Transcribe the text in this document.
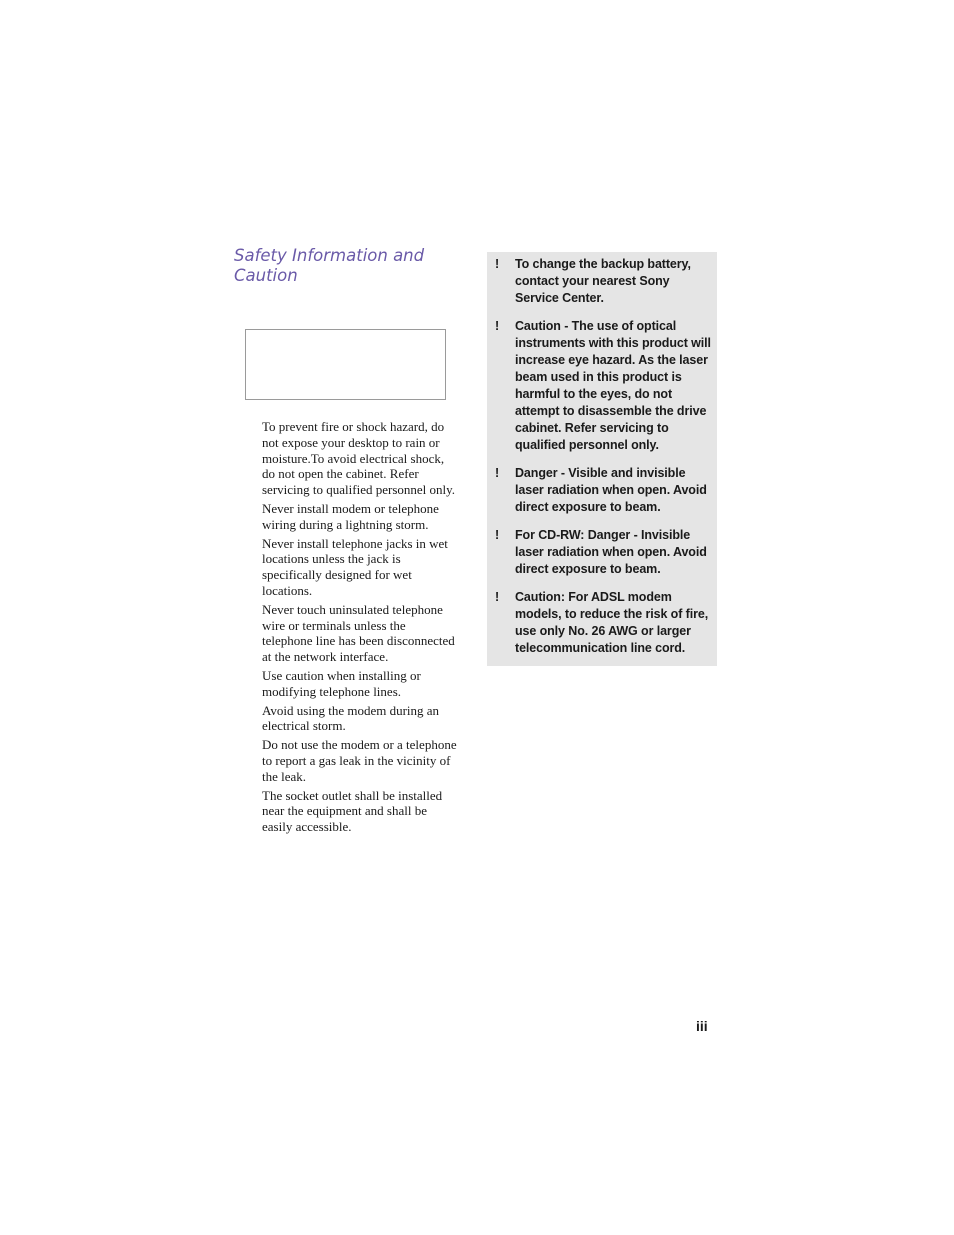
Safety Information and Caution

To prevent fire or shock hazard, do not expose your desktop to rain or moisture.To avoid electrical shock, do not open the cabinet. Refer servicing to qualified personnel only.

Never install modem or telephone wiring during a lightning storm.

Never install telephone jacks in wet locations unless the jack is specifically designed for wet locations.

Never touch uninsulated telephone wire or terminals unless the telephone line has been disconnected at the network interface.

Use caution when installing or modifying telephone lines.

Avoid using the modem during an electrical storm.

Do not use the modem or a telephone to report a gas leak in the vicinity of the leak.

The socket outlet shall be installed near the equipment and shall be easily accessible.

!	To change the backup battery, contact your nearest Sony Service Center.
!	Caution - The use of optical instruments with this product will increase eye hazard. As the laser beam used in this product is harmful to the eyes, do not attempt to disassemble the drive cabinet. Refer servicing to qualified personnel only.
!	Danger - Visible and invisible laser radiation when open. Avoid direct exposure to beam.
!	For CD-RW: Danger - Invisible laser radiation when open. Avoid direct exposure to beam.
!	Caution: For ADSL modem models, to reduce the risk of fire, use only No. 26 AWG or larger telecommunication line cord.
iii
